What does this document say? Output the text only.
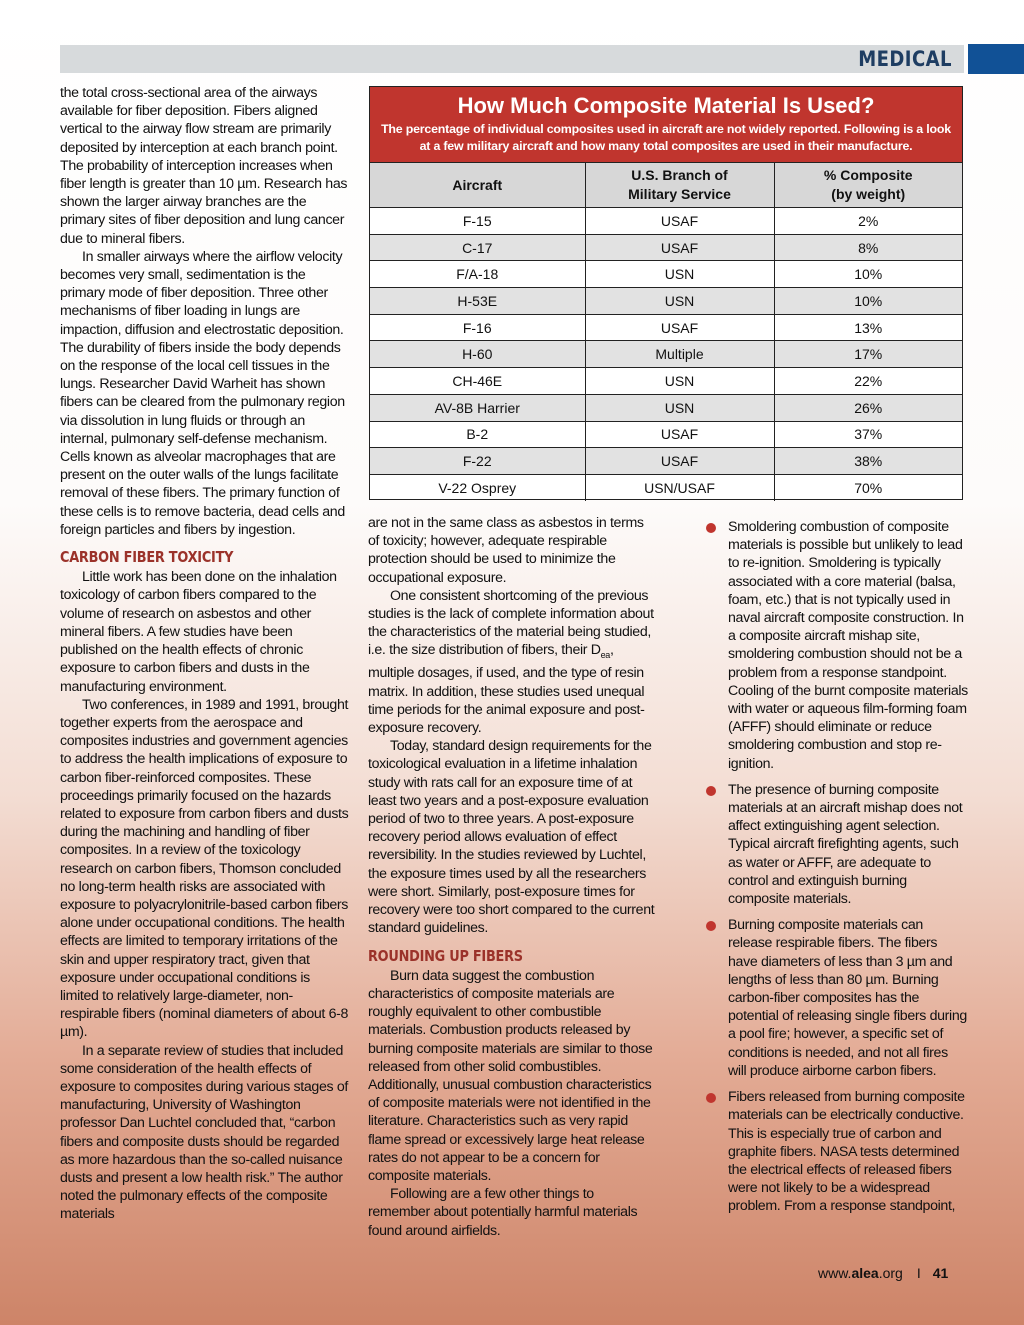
MEDICAL

the total cross-sectional area of the airways available for fiber deposition. Fibers aligned vertical to the airway flow stream are primarily deposited by interception at each branch point. The probability of interception increases when fiber length is greater than 10 µm. Research has shown the larger airway branches are the primary sites of fiber deposition and lung cancer due to mineral fibers.

In smaller airways where the airflow velocity becomes very small, sedimentation is the primary mode of fiber deposition. Three other mechanisms of fiber loading in lungs are impaction, diffusion and electrostatic deposition. The durability of fibers inside the body depends on the response of the local cell tissues in the lungs. Researcher David Warheit has shown fibers can be cleared from the pulmonary region via dissolution in lung fluids or through an internal, pulmonary self-defense mechanism. Cells known as alveolar macrophages that are present on the outer walls of the lungs facilitate removal of these fibers. The primary function of these cells is to remove bacteria, dead cells and foreign particles and fibers by ingestion.

CARBON FIBER TOXICITY

Little work has been done on the inhalation toxicology of carbon fibers compared to the volume of research on asbestos and other mineral fibers. A few studies have been published on the health effects of chronic exposure to carbon fibers and dusts in the manufacturing environment.

Two conferences, in 1989 and 1991, brought together experts from the aerospace and composites industries and government agencies to address the health implications of exposure to carbon fiber-reinforced composites. These proceedings primarily focused on the hazards related to exposure from carbon fibers and dusts during the machining and handling of fiber composites. In a review of the toxicology research on carbon fibers, Thomson concluded no long-term health risks are associated with exposure to polyacrylonitrile-based carbon fibers alone under occupational conditions. The health effects are limited to temporary irritations of the skin and upper respiratory tract, given that exposure under occupational conditions is limited to relatively large-diameter, non-respirable fibers (nominal diameters of about 6-8 µm).

In a separate review of studies that included some consideration of the health effects of exposure to composites during various stages of manufacturing, University of Washington professor Dan Luchtel concluded that, “carbon fibers and composite dusts should be regarded as more hazardous than the so-called nuisance dusts and present a low health risk.” The author noted the pulmonary effects of the composite materials

How Much Composite Material Is Used?
The percentage of individual composites used in aircraft are not widely reported. Following is a look at a few military aircraft and how many total composites are used in their manufacture.
Aircraft	U.S. Branch of Military Service	% Composite (by weight)

F-15	USAF	2%
C-17	USAF	8%
F/A-18	USN	10%
H-53E	USN	10%
F-16	USAF	13%
H-60	Multiple	17%
CH-46E	USN	22%
AV-8B Harrier	USN	26%
B-2	USAF	37%
F-22	USAF	38%
V-22 Osprey	USN/USAF	70%

are not in the same class as asbestos in terms of toxicity; however, adequate respirable protection should be used to minimize the occupational exposure.

One consistent shortcoming of the previous studies is the lack of complete information about the characteristics of the material being studied, i.e. the size distribution of fibers, their $D_{ea}$, multiple dosages, if used, and the type of resin matrix. In addition, these studies used unequal time periods for the animal exposure and post-exposure recovery.

Today, standard design requirements for the toxicological evaluation in a lifetime inhalation study with rats call for an exposure time of at least two years and a post-exposure evaluation period of two to three years. A post-exposure recovery period allows evaluation of effect reversibility. In the studies reviewed by Luchtel, the exposure times used by all the researchers were short. Similarly, post-exposure times for recovery were too short compared to the current standard guidelines.

ROUNDING UP FIBERS

Burn data suggest the combustion characteristics of composite materials are roughly equivalent to other combustible materials. Combustion products released by burning composite materials are similar to those released from other solid combustibles. Additionally, unusual combustion characteristics of composite materials were not identified in the literature. Characteristics such as very rapid flame spread or excessively large heat release rates do not appear to be a concern for composite materials.

Following are a few other things to remember about potentially harmful materials found around airfields.

Smoldering combustion of composite materials is possible but unlikely to lead to re-ignition. Smoldering is typically associated with a core material (balsa, foam, etc.) that is not typically used in naval aircraft composite construction. In a composite aircraft mishap site, smoldering combustion should not be a problem from a response standpoint. Cooling of the burnt composite materials with water or aqueous film-forming foam (AFFF) should eliminate or reduce smoldering combustion and stop re-ignition.
The presence of burning composite materials at an aircraft mishap does not affect extinguishing agent selection. Typical aircraft firefighting agents, such as water or AFFF, are adequate to control and extinguish burning composite materials.
Burning composite materials can release respirable fibers. The fibers have diameters of less than 3 µm and lengths of less than 80 µm. Burning carbon-fiber composites has the potential of releasing single fibers during a pool fire; however, a specific set of conditions is needed, and not all fires will produce airborne carbon fibers.
Fibers released from burning composite materials can be electrically conductive. This is especially true of carbon and graphite fibers. NASA tests determined the electrical effects of released fibers were not likely to be a widespread problem. From a response standpoint,
www.alea.org I 41
